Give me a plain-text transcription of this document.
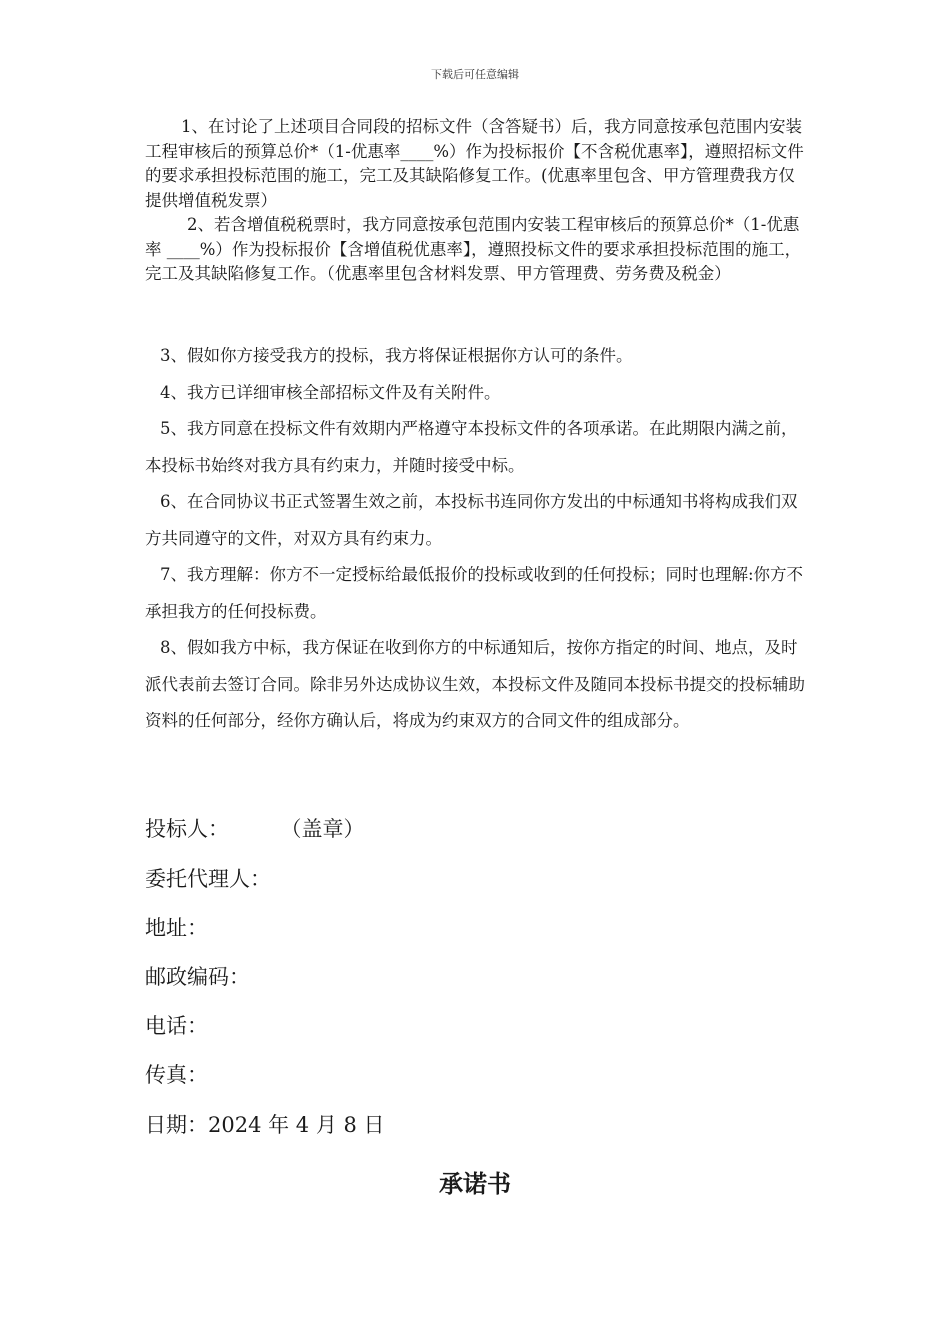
下载后可任意编辑

1、在讨论了上述项目合同段的招标文件（含答疑书）后，我方同意按承包范围内安装工程审核后的预算总价*（1-优惠率____%）作为投标报价【不含税优惠率】，遵照招标文件的要求承担投标范围的施工，完工及其缺陷修复工作。(优惠率里包含、甲方管理费我方仅提供增值税发票）

2、若含增值税税票时，我方同意按承包范围内安装工程审核后的预算总价*（1-优惠率 ____%）作为投标报价【含增值税优惠率】，遵照投标文件的要求承担投标范围的施工，完工及其缺陷修复工作。（优惠率里包含材料发票、甲方管理费、劳务费及税金）

3、假如你方接受我方的投标，我方将保证根据你方认可的条件。

4、我方已详细审核全部招标文件及有关附件。

5、我方同意在投标文件有效期内严格遵守本投标文件的各项承诺。在此期限内满之前，本投标书始终对我方具有约束力，并随时接受中标。

6、在合同协议书正式签署生效之前，本投标书连同你方发出的中标通知书将构成我们双方共同遵守的文件，对双方具有约束力。

7、我方理解：你方不一定授标给最低报价的投标或收到的任何投标；同时也理解:你方不承担我方的任何投标费。

8、假如我方中标，我方保证在收到你方的中标通知后，按你方指定的时间、地点，及时派代表前去签订合同。除非另外达成协议生效，本投标文件及随同本投标书提交的投标辅助资料的任何部分，经你方确认后，将成为约束双方的合同文件的组成部分。

投标人：	（盖章）
委托代理人：
地址：
邮政编码：
电话：
传真：
日期：2024 年 4 月 8 日
承诺书
